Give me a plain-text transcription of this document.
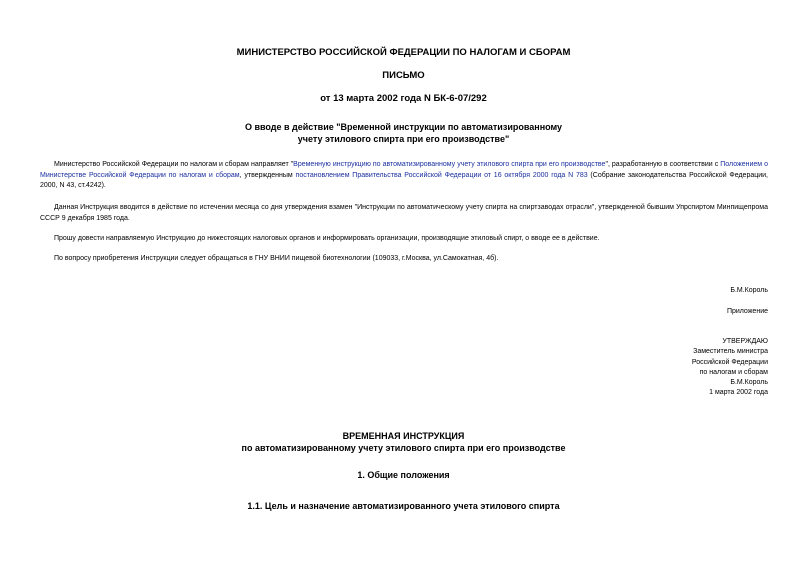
МИНИСТЕРСТВО РОССИЙСКОЙ ФЕДЕРАЦИИ ПО НАЛОГАМ И СБОРАМ
ПИСЬМО
от 13 марта 2002 года N БК-6-07/292
О вводе в действие "Временной инструкции по автоматизированному
учету этилового спирта при его производстве"
Министерство Российской Федерации по налогам и сборам направляет "Временную инструкцию по автоматизированному учету этилового спирта при его производстве", разработанную в соответствии с Положением о Министерстве Российской Федерации по налогам и сборам, утвержденным постановлением Правительства Российской Федерации от 16 октября 2000 года N 783 (Собрание законодательства Российской Федерации, 2000, N 43, ст.4242).
Данная Инструкция вводится в действие по истечении месяца со дня утверждения взамен "Инструкции по автоматическому учету спирта на спиртзаводах отрасли", утвержденной бывшим Упрспиртом Минпищепрома СССР 9 декабря 1985 года.
Прошу довести направляемую Инструкцию до нижестоящих налоговых органов и информировать организации, производящие этиловый спирт, о вводе ее в действие.
По вопросу приобретения Инструкции следует обращаться в ГНУ ВНИИ пищевой биотехнологии (109033, г.Москва, ул.Самокатная, 4б).
Б.М.Король
Приложение
УТВЕРЖДАЮ
Заместитель министра
Российской Федерации
по налогам и сборам
Б.М.Король
1 марта 2002 года
ВРЕМЕННАЯ ИНСТРУКЦИЯ
по автоматизированному учету этилового спирта при его производстве
1. Общие положения
1.1. Цель и назначение автоматизированного учета этилового спирта
